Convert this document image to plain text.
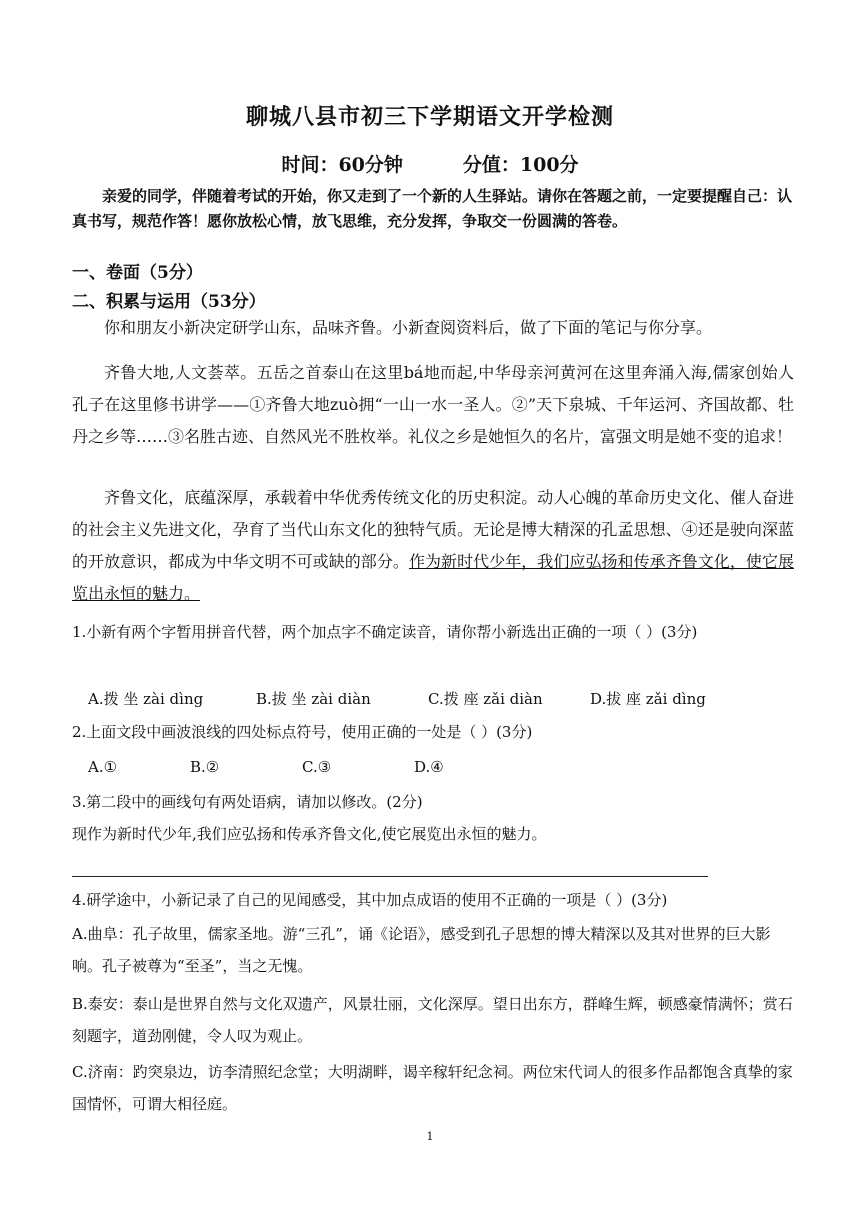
聊城八县市初三下学期语文开学检测
时间：60分钟	分值：100分
亲爱的同学，伴随着考试的开始，你又走到了一个新的人生驿站。请你在答题之前，一定要提醒自己：认真书写，规范作答！愿你放松心情，放飞思维，充分发挥，争取交一份圆满的答卷。
一、卷面（5分）
二、积累与运用（53分）
你和朋友小新决定研学山东，品味齐鲁。小新查阅资料后，做了下面的笔记与你分享。
齐鲁大地,人文荟萃。五岳之首泰山在这里bá地而起,中华母亲河黄河在这里奔涌入海,儒家创始人孔子在这里修书讲学——①齐鲁大地zuò拥“一山一水一圣人。②”天下泉城、千年运河、齐国故都、牡丹之乡等……③名胜古迹、自然风光不胜枚举。礼仪之乡是她恒久的名片，富强文明是她不变的追求！
齐鲁文化，底蕴深厚，承载着中华优秀传统文化的历史积淀。动人心魄的革命历史文化、催人奋进的社会主义先进文化，孕育了当代山东文化的独特气质。无论是博大精深的孔孟思想、④还是驶向深蓝的开放意识，都成为中华文明不可或缺的部分。作为新时代少年，我们应弘扬和传承齐鲁文化，使它展览出永恒的魅力。
1.小新有两个字暂用拼音代替，两个加点字不确定读音，请你帮小新选出正确的一项（ ）(3分)
A.拨 坐 zài dìng	B.拔 坐 zài diàn	C.拨 座 zǎi diàn	D.拔 座 zǎi dìng
2.上面文段中画波浪线的四处标点符号，使用正确的一处是（ ）(3分)
A.①	B.②	C.③	D.④
3.第二段中的画线句有两处语病，请加以修改。(2分)
现作为新时代少年,我们应弘扬和传承齐鲁文化,使它展览出永恒的魅力。
4.研学途中，小新记录了自己的见闻感受，其中加点成语的使用不正确的一项是（ ）(3分)
A.曲阜：孔子故里，儒家圣地。游“三孔”，诵《论语》，感受到孔子思想的博大精深以及其对世界的巨大影响。孔子被尊为“至圣”，当之无愧。
B.泰安：泰山是世界自然与文化双遗产，风景壮丽，文化深厚。望日出东方，群峰生辉，顿感豪情满怀；赏石刻题字，道劲刚健，令人叹为观止。
C.济南：趵突泉边，访李清照纪念堂；大明湖畔，谒辛稼轩纪念祠。两位宋代词人的很多作品都饱含真挚的家国情怀，可谓大相径庭。
1
